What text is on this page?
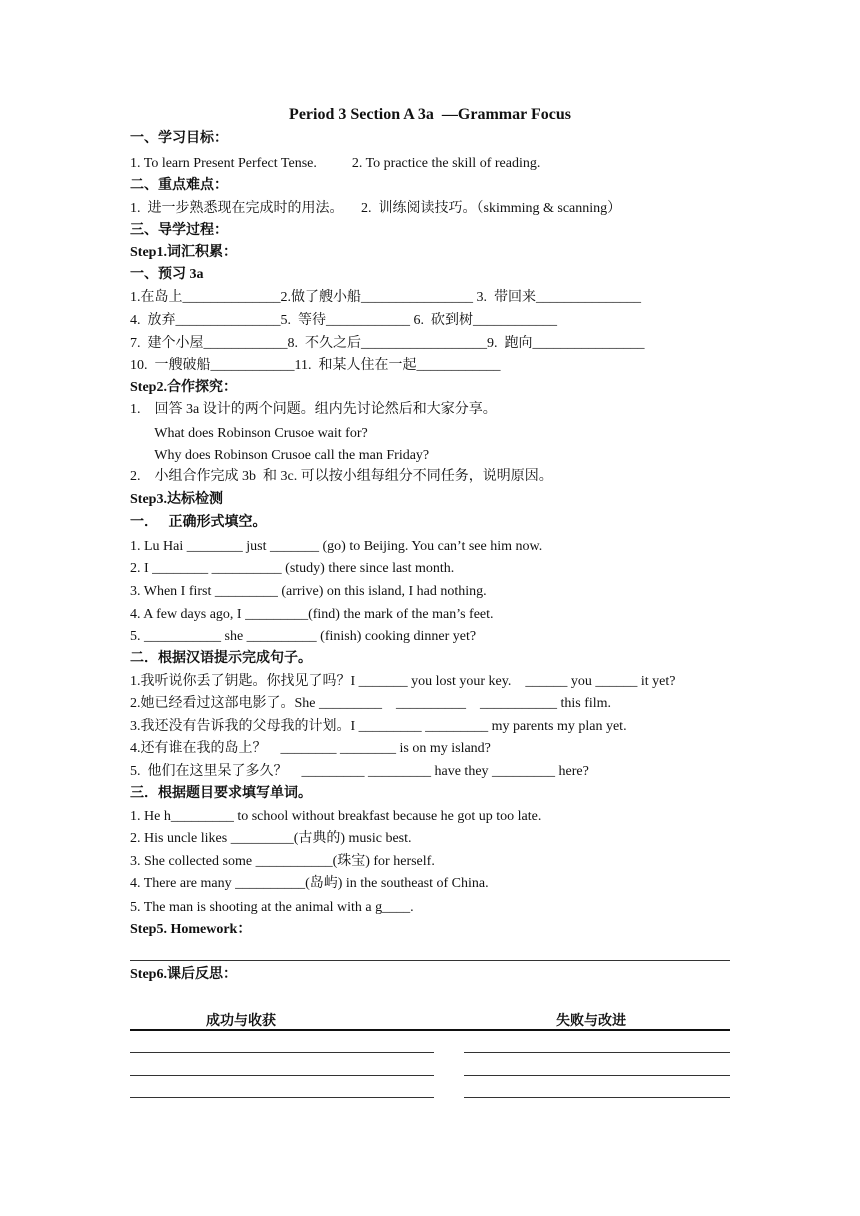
Period 3 Section A 3a  —Grammar Focus
一、学习目标：
1. To learn Present Perfect Tense.          2. To practice the skill of reading.
二、重点难点：
1.  进一步熟悉现在完成时的用法。     2.  训练阅读技巧。（skimming & scanning）
三、导学过程：
Step1.词汇积累：
一、预习 3a
1.在岛上______________2.做了艘小船________________ 3.  带回来_______________
4.  放弃_______________5.  等待____________ 6.  砍到树____________
7.  建个小屋____________8.  不久之后__________________9.  跑向________________
10.  一艘破船____________11.  和某人住在一起____________
Step2.合作探究：
1.    回答 3a 设计的两个问题。组内先讨论然后和大家分享。
What does Robinson Crusoe wait for?
Why does Robinson Crusoe call the man Friday?
2.    小组合作完成 3b  和 3c. 可以按小组每组分不同任务，说明原因。
Step3.达标检测
一．   正确形式填空。
1. Lu Hai ________ just _______ (go) to Beijing. You can’t see him now.
2. I ________ __________ (study) there since last month.
3. When I first _________ (arrive) on this island, I had nothing.
4. A few days ago, I _________(find) the mark of the man’s feet.
5. ___________ she __________ (finish) cooking dinner yet?
二．根据汉语提示完成句子。
1.我听说你丢了钥匙。你找见了吗？I _______ you lost your key.    ______ you ______ it yet?
2.她已经看过这部电影了。She _________    __________    ___________ this film.
3.我还没有告诉我的父母我的计划。I _________ _________ my parents my plan yet.
4.还有谁在我的岛上？    ________ ________ is on my island?
5.  他们在这里呆了多久？    _________ _________ have they _________ here?
三．根据题目要求填写单词。
1. He h_________ to school without breakfast because he got up too late.
2. His uncle likes _________(古典的) music best.
3. She collected some ___________(珠宝) for herself.
4. There are many __________(岛屿) in the southeast of China.
5. The man is shooting at the animal with a g____.
Step5. Homework：
Step6.课后反思：
成功与收获	失败与改进
